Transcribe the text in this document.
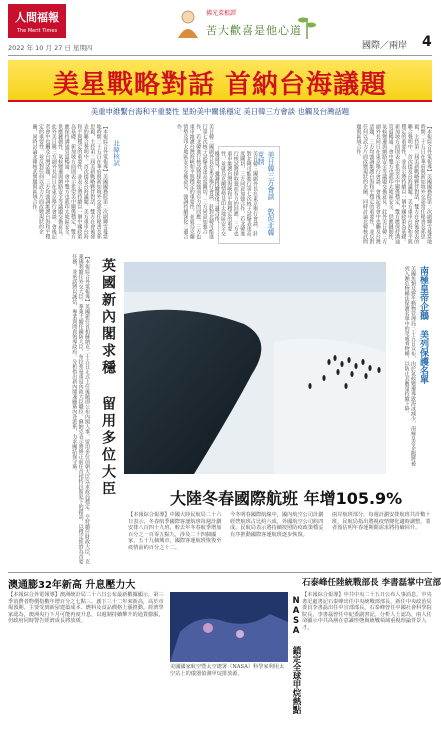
人間福報
The Merit Times
2022 年 10 月 27 日 星期四
佛光菜根譚
苦大歡喜是他心道
國際／兩岸 4
美星戰略對話 首納台海議題
美重申維繫台海和平重要性 星盼美中關係穩定 美日韓三方會談 也觸及台灣話題
【本報綜合外電報導】美國國務院第二次副卿雪蔓當地時間二十五日在華府與新加坡外交部常任秘書長郭思毅，主持第二屆美新戰略夥伴對話，雙方在會後發表的聯合聲明中，首次提及台海議題，美方重申台海和平與穩定的重要性，並表示將持續以一個中國政策為基礎。新加坡方面則表示希望美中關係穩定，雙方應保持溝通管道暢通。會中雙方也就印太地區安全、供應鏈韌性、氣候變遷與網路安全等議題交換意見。此外美日韓三方副外長同日在東京舉行會談，會後記者會中也觸及台灣話題，三方均強調維護台海和平穩定的重要性，並反對任何以武力片面改變現狀的企圖，同時討論北韓核武問題與區域合作。
美日韓三方會談 敦促北韓克制
美日韓三國副外長在東京舉行會談，針對北韓可能進行第七次核子試爆表達高度關切，三方同意加強合作，若北韓進行核試將採取強而有力的回應。三方也重申維護台灣海峽和平與穩定的重要性，並就烏克蘭情勢及印太地區安全交換意見，強調持續深化三邊合作。
【本報綜合外電報導】美國國務院第二次副卿雪蔓當地時間二十五日在華府與新加坡外交部常任秘書長郭思毅，主持第二屆美新戰略夥伴對話，雙方在會後發表的聯合聲明中，首次提及台海議題，美方重申台海和平與穩定的重要性，並表示將持續以一個中國政策為基礎。新加坡方面則表示希望美中關係穩定，雙方應保持溝通管道暢通。會中雙方也就印太地區安全、供應鏈韌性、氣候變遷與網路安全等議題交換意見。此外美日韓三方副外長同日在東京舉行會談，會後記者會中也觸及台灣話題，三方均強調維護台海和平穩定的重要性，並反對任何以武力片面改變現狀的企圖，同時討論北韓核武問題與區域合作。	北韓核試	美日韓三國副外長在東京舉行會談，針對北韓可能進行第七次核子試爆表達高度關切，三方同意加強合作，若北韓進行核試將採取強而有力的回應。三方也重申維護台灣海峽和平與穩定的重要性，並就烏克蘭情勢及印太地區安全交換意見，強調持續深化三邊合作。
英國新內閣求穩 留用多位大臣
【本報綜合外電報導】英國新任首相蘇納克二十五日正式上任後隨即公布內閣人事，留用多位前朝大臣以求政局穩定。亨特續任財政大臣，克萊佛利續任外交大臣，華萊士續任國防大臣，布拉弗曼重返內政大臣職位。蘇納克表示將修正前任首相特拉斯犯下的錯誤，以穩定經濟為首要任務，並承諾將以誠信、專業與問責領導政府。分析指出新內閣兼顧黨內各派系，力求團結保守黨。	南極皇帝企鵝 美列保護名單
美國魚類及野生動物管理局二十五日宣布，由於氣候變遷導致海冰減少，南極皇帝企鵝將被列入瀕危物種法保護名單中的受威脅物種，以防止其數量持續下降。
大陸冬春國際航班 年增105.9%
【本報綜合報導】中國大陸民航局二十六日表示，冬春航季國際客運航班每週計劃安排八百四十九班，較去年冬春航季增加百分之一百零五點九，涉及二十四個國家、五十九個城市，國際客運航班恢復至疫情前約百分之十二。
今冬明春國際航線中，國內航空公司計劃經營航班占比約六成，外國航空公司約四成。民航局表示將持續按照防疫政策穩妥有序推動國際客運航班逐步恢復。
兩岸航班部分，每週計劃安排航班共計數十班，民航局指出將視疫情變化適時調整。業者預估明年春運期間需求將持續回升。
澳通膨32年新高 升息壓力大
【本報綜合外電報導】澳洲統計局二十六日公布最新數據顯示，第三季消費者物價指數年增百分之七點三，創下三十二年來新高，高於市場預期，主要受到新屋建築成本、燃料及食品價格上漲推動。經濟學家認為，澳洲央行下月可能再度升息，以遏制持續攀升的通貨膨脹，但政府同時警告經濟成長將放緩。
美國國家航空暨太空總署（NASA）科學家利用太空站上的儀器偵測甲烷排放源。	NASA 鎖定全球甲烷熱點
石泰峰任陸統戰部長 李書磊掌中宣部
【本報綜合報導】中共中央二十五日公布人事消息，中央書記處書記石泰峰出任中央統戰部部長，新任中央政治局委員李書磊出任中宣部部長。石泰峰曾任中國社會科學院院長，李書磊曾任中紀委副書記。分析人士認為，兩人任命顯示中共高層在意識形態與統戰領域重視理論背景人才。
